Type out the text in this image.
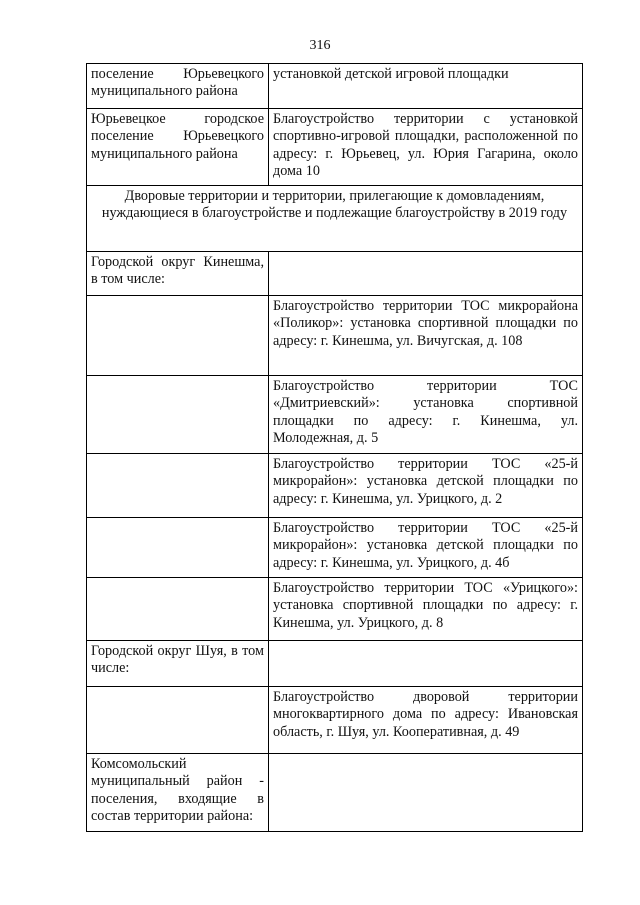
316
поселение Юрьевецкого муниципального района	установкой детской игровой площадки
Юрьевецкое городское поселение Юрьевецкого муниципального района	Благоустройство территории с установкой спортивно-игровой площадки, расположенной по адресу: г. Юрьевец, ул. Юрия Гагарина, около дома 10
Дворовые территории и территории, прилегающие к домовладениям, нуждающиеся в благоустройстве и подлежащие благоустройству в 2019 году	
Городской округ Кинешма, в том числе:	
	Благоустройство территории ТОС микрорайона «Поликор»: установка спортивной площадки по адресу: г. Кинешма, ул. Вичугская, д. 108
	Благоустройство территории ТОС «Дмитриевский»: установка спортивной площадки по адресу: г. Кинешма, ул. Молодежная, д. 5
	Благоустройство территории ТОС «25-й микрорайон»: установка детской площадки по адресу: г. Кинешма, ул. Урицкого, д. 2
	Благоустройство территории ТОС «25-й микрорайон»: установка детской площадки по адресу: г. Кинешма, ул. Урицкого, д. 4б
	Благоустройство территории ТОС «Урицкого»: установка спортивной площадки по адресу: г. Кинешма, ул. Урицкого, д. 8
Городской округ Шуя, в том числе:	
	Благоустройство дворовой территории многоквартирного дома по адресу: Ивановская область, г. Шуя, ул. Кооперативная, д. 49
Комсомольский муниципальный район - поселения, входящие в состав территории района:	
